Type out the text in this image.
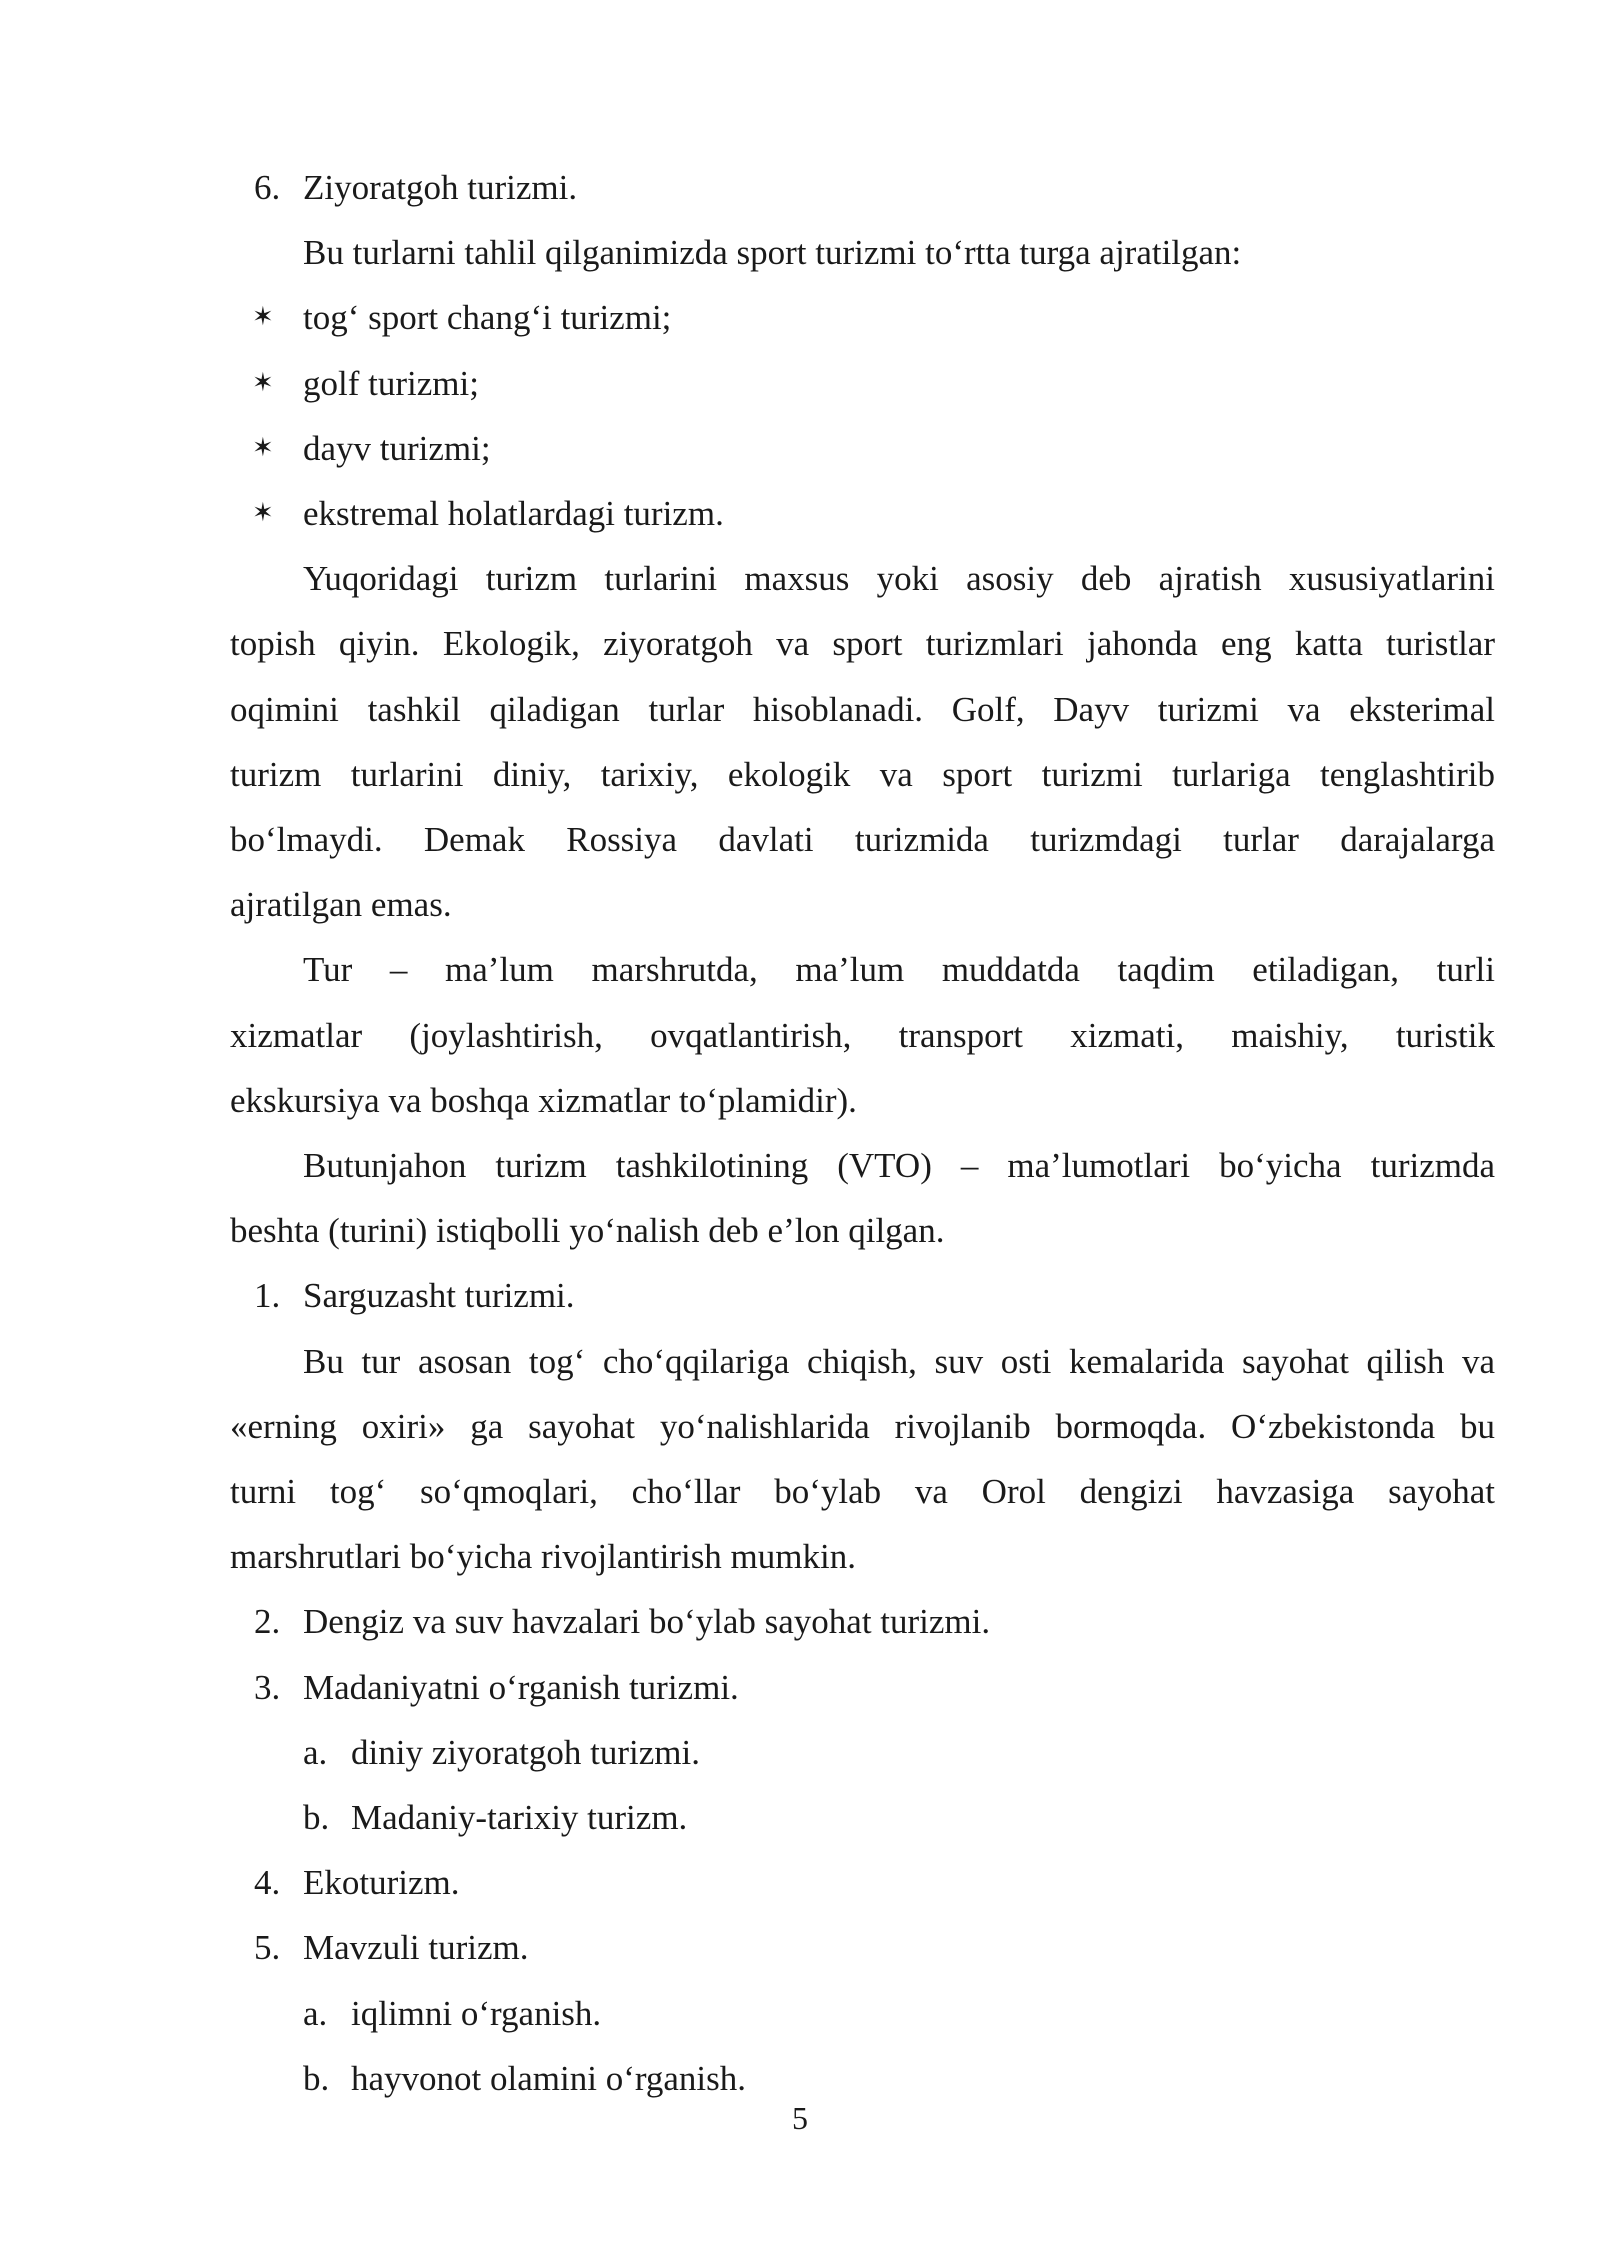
6. Ziyoratgoh turizmi.
Bu turlarni tahlil qilganimizda sport turizmi to‘rtta turga ajratilgan:
✶ tog‘ sport chang‘i turizmi;
✶ golf turizmi;
✶ dayv turizmi;
✶ ekstremal holatlardagi turizm.
Yuqoridagi turizm turlarini maxsus yoki asosiy deb ajratish xususiyatlarini
topish qiyin. Ekologik, ziyoratgoh va sport turizmlari jahonda eng katta turistlar
oqimini tashkil qiladigan turlar hisoblanadi. Golf, Dayv turizmi va eksterimal
turizm turlarini diniy, tarixiy, ekologik va sport turizmi turlariga tenglashtirib
bo‘lmaydi. Demak Rossiya davlati turizmida turizmdagi turlar darajalarga
ajratilgan emas.
Tur – ma’lum marshrutda, ma’lum muddatda taqdim etiladigan, turli
xizmatlar (joylashtirish, ovqatlantirish, transport xizmati, maishiy, turistik
ekskursiya va boshqa xizmatlar to‘plamidir).
Butunjahon turizm tashkilotining (VTO) – ma’lumotlari bo‘yicha turizmda
beshta (turini) istiqbolli yo‘nalish deb e’lon qilgan.
1. Sarguzasht turizmi.
Bu tur asosan tog‘ cho‘qqilariga chiqish, suv osti kemalarida sayohat qilish va
«erning oxiri» ga sayohat yo‘nalishlarida rivojlanib bormoqda. O‘zbekistonda bu
turni tog‘ so‘qmoqlari, cho‘llar bo‘ylab va Orol dengizi havzasiga sayohat
marshrutlari bo‘yicha rivojlantirish mumkin.
2. Dengiz va suv havzalari bo‘ylab sayohat turizmi.
3. Madaniyatni o‘rganish turizmi.
a. diniy ziyoratgoh turizmi.
b. Madaniy-tarixiy turizm.
4. Ekoturizm.
5. Mavzuli turizm.
a. iqlimni o‘rganish.
b. hayvonot olamini o‘rganish.
5
